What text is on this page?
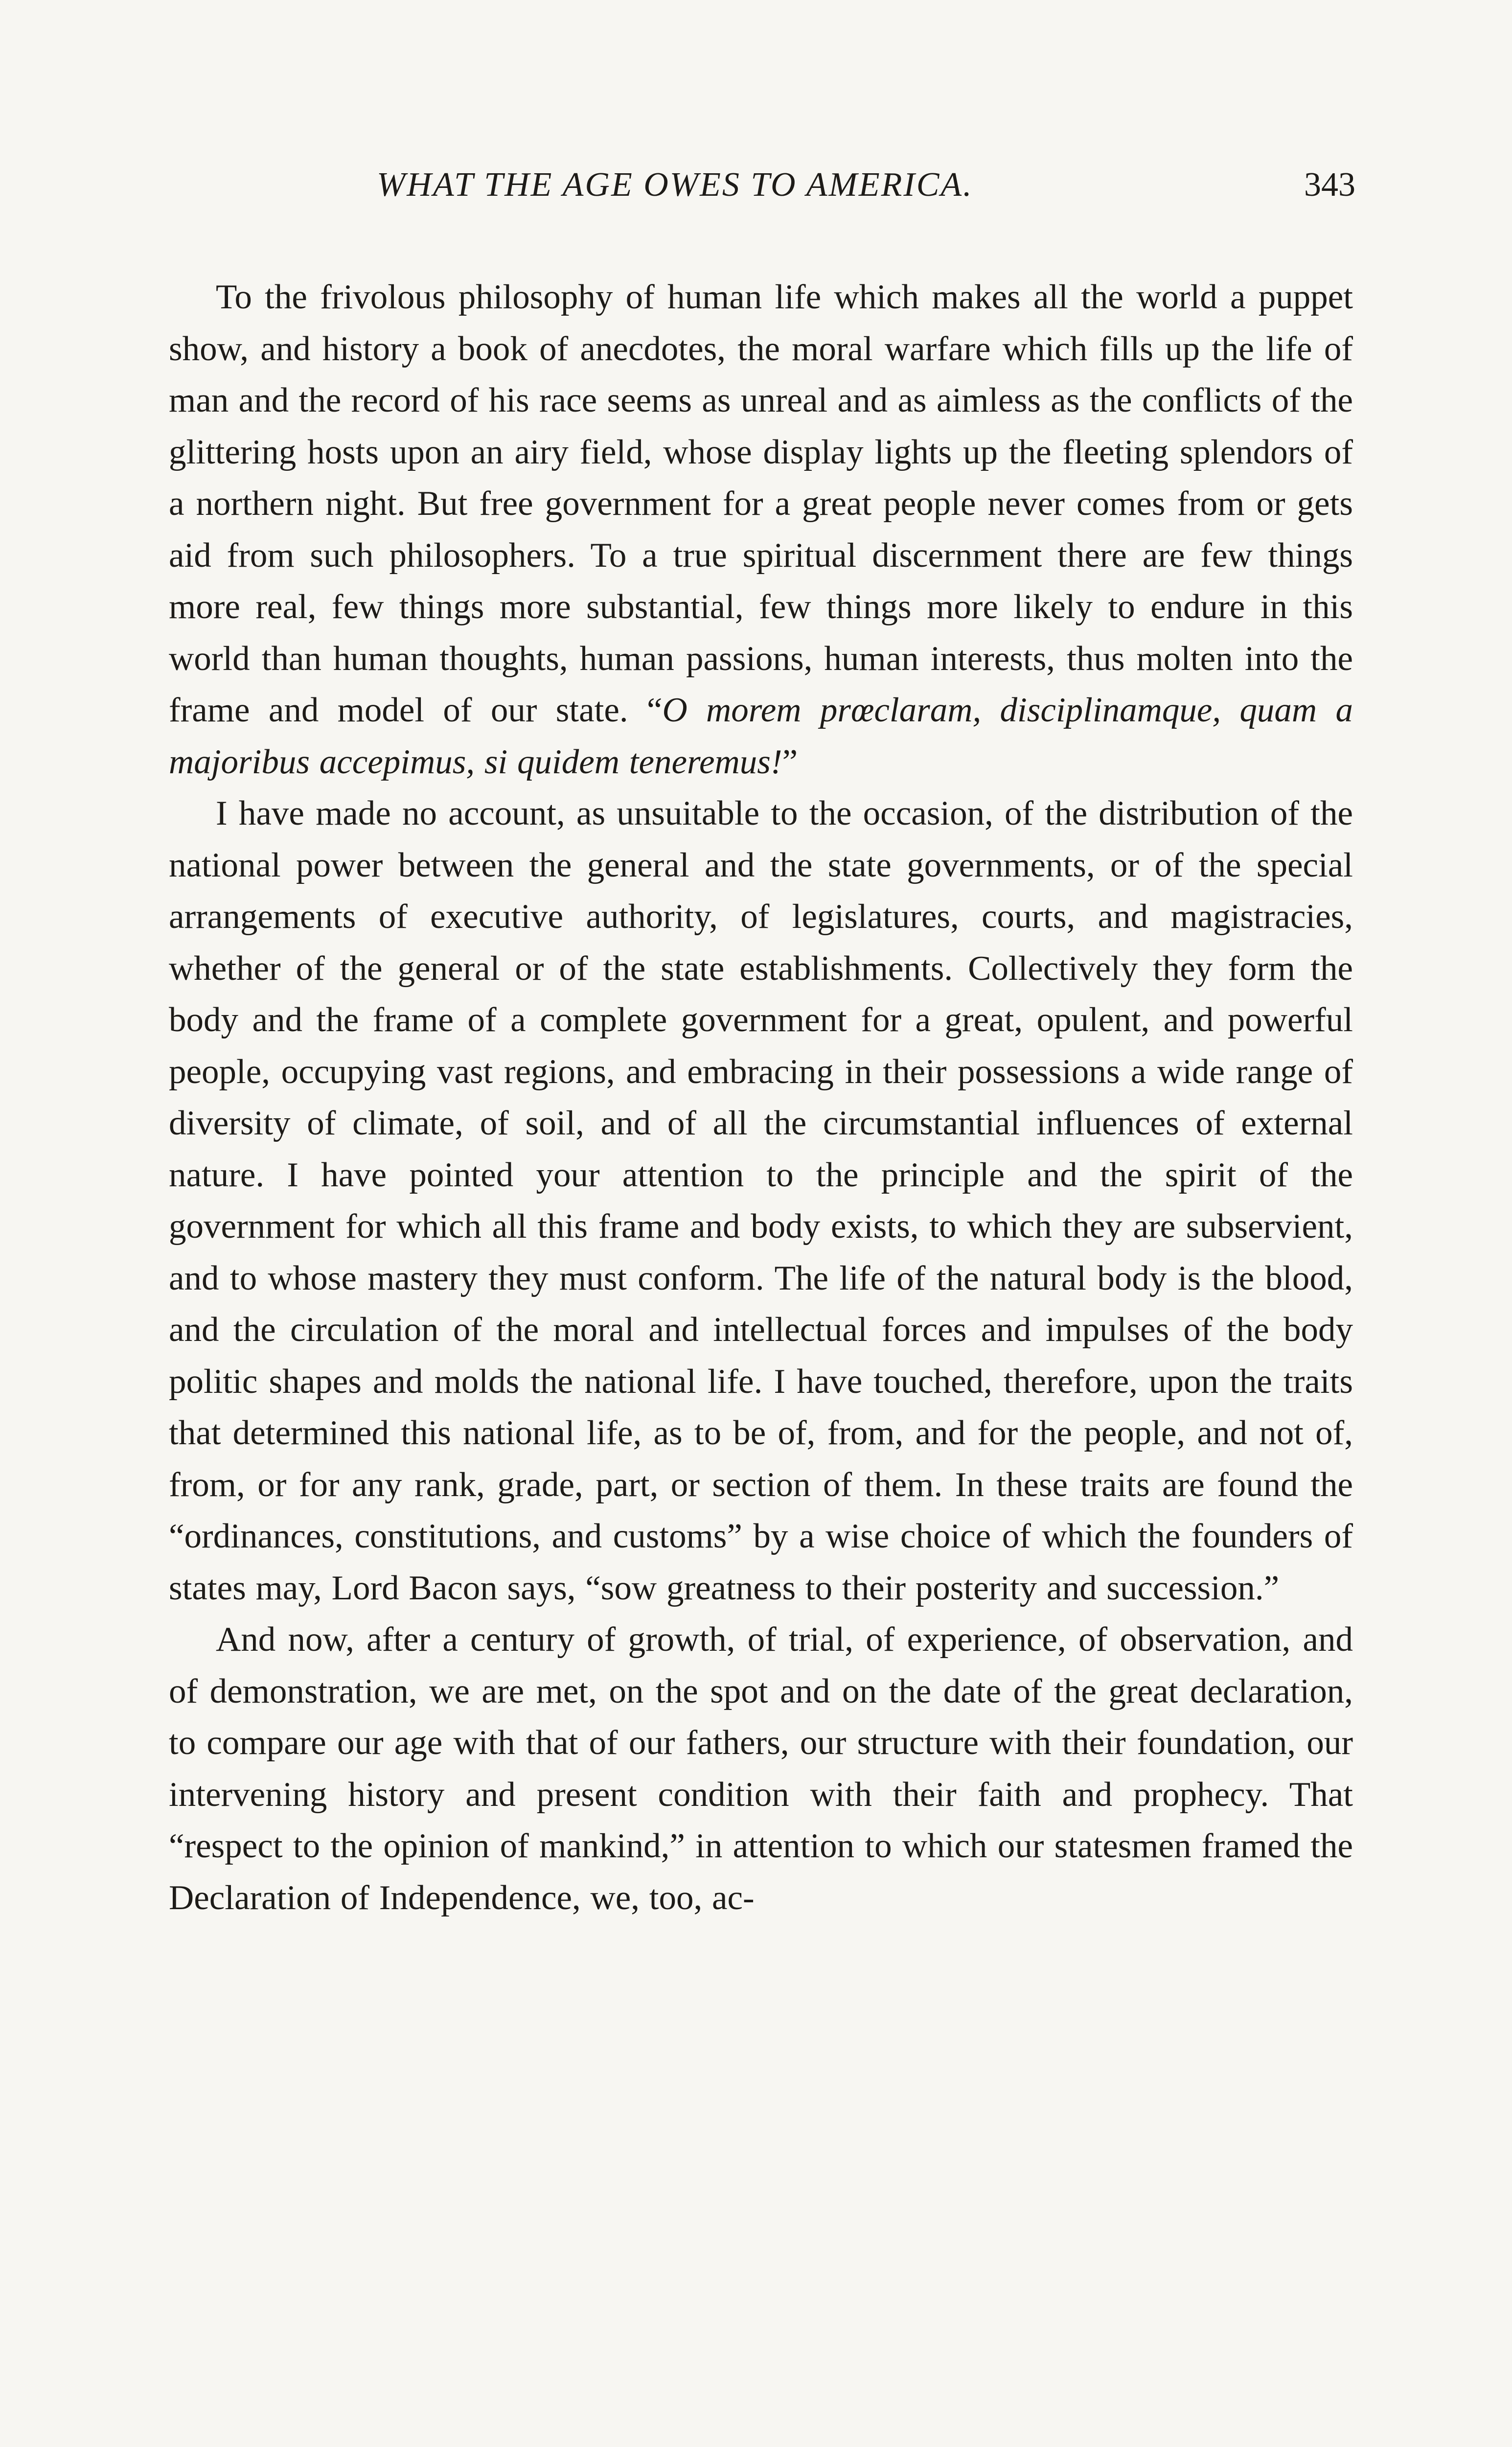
WHAT THE AGE OWES TO AMERICA.	343

To the frivolous philosophy of human life which makes all the world a puppet show, and history a book of anecdotes, the moral warfare which fills up the life of man and the record of his race seems as unreal and as aimless as the conflicts of the glittering hosts upon an airy field, whose display lights up the fleeting splendors of a northern night. But free government for a great people never comes from or gets aid from such philosophers. To a true spiritual discernment there are few things more real, few things more substantial, few things more likely to endure in this world than human thoughts, human passions, human interests, thus molten into the frame and model of our state. “O morem prœclaram, disciplinamque, quam a majoribus accepimus, si quidem teneremus!”

I have made no account, as unsuitable to the occasion, of the distribution of the national power between the general and the state governments, or of the special arrangements of executive authority, of legislatures, courts, and magistracies, whether of the general or of the state establishments. Collectively they form the body and the frame of a complete government for a great, opulent, and powerful people, occupying vast regions, and embracing in their possessions a wide range of diversity of climate, of soil, and of all the circumstantial influences of external nature. I have pointed your attention to the principle and the spirit of the government for which all this frame and body exists, to which they are subservient, and to whose mastery they must conform. The life of the natural body is the blood, and the circulation of the moral and intellectual forces and impulses of the body politic shapes and molds the national life. I have touched, therefore, upon the traits that determined this national life, as to be of, from, and for the people, and not of, from, or for any rank, grade, part, or section of them. In these traits are found the “ordinances, constitutions, and customs” by a wise choice of which the founders of states may, Lord Bacon says, “sow greatness to their posterity and succession.”

And now, after a century of growth, of trial, of experience, of observation, and of demonstration, we are met, on the spot and on the date of the great declaration, to compare our age with that of our fathers, our structure with their foundation, our intervening history and present condition with their faith and prophecy. That “respect to the opinion of mankind,” in attention to which our statesmen framed the Declaration of Independence, we, too, ac-
